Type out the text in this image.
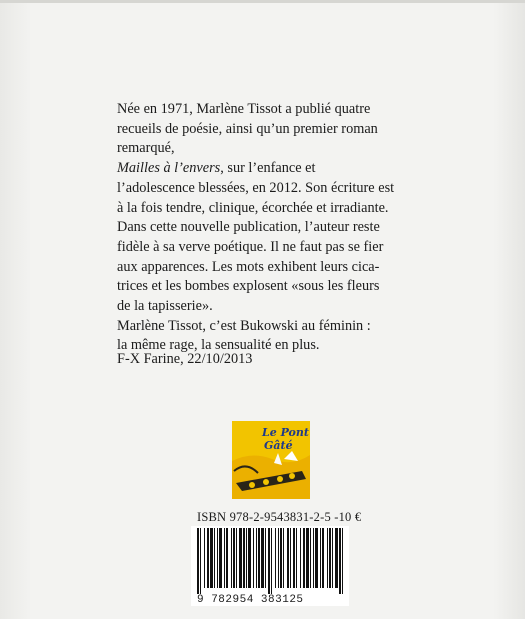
Née en 1971, Marlène Tissot a publié quatre
recueils de poésie, ainsi qu’un premier roman
remarqué,
Mailles à l’envers, sur l’enfance et
l’adolescence blessées, en 2012. Son écriture est
à la fois tendre, clinique, écorchée et irradiante.
Dans cette nouvelle publication, l’auteur reste
fidèle à sa verve poétique. Il ne faut pas se fier
aux apparences. Les mots exhibent leurs cica-
trices et les bombes explosent «sous les fleurs
de la tapisserie».
Marlène Tissot, c’est Bukowski au féminin :
la même rage, la sensualité en plus.
F-X Farine, 22/10/2013
Le Pont
Gâté
ISBN 978-2-9543831-2-5 -10 €
9 782954 383125
